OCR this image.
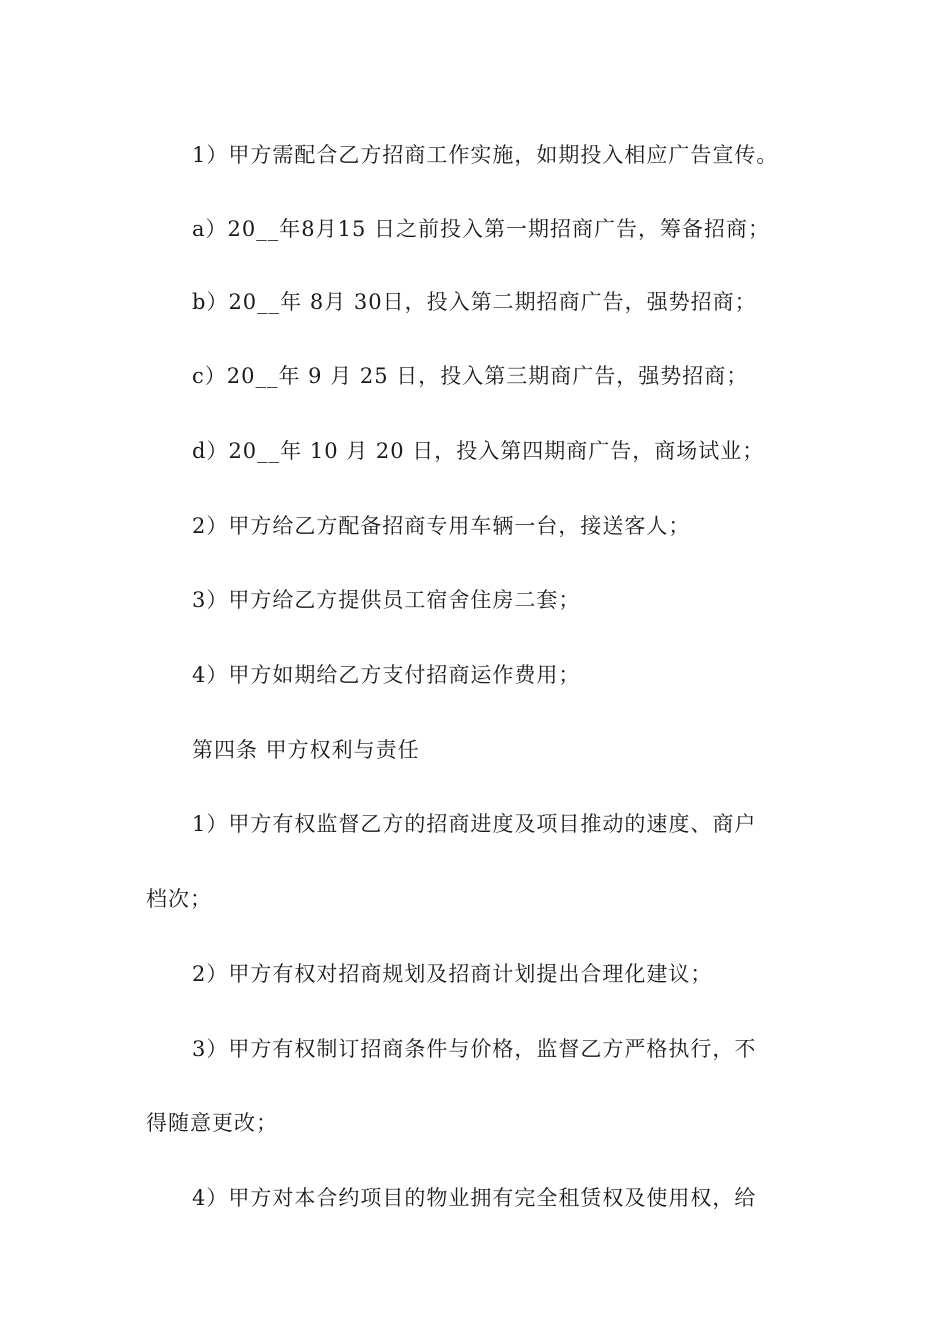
1）甲方需配合乙方招商工作实施，如期投入相应广告宣传。
a）20__年8月15 日之前投入第一期招商广告，筹备招商；
b）20__年 8月 30日，投入第二期招商广告，强势招商；
c）20__年 9 月 25 日，投入第三期商广告，强势招商；
d）20__年 10 月 20 日，投入第四期商广告，商场试业；
2）甲方给乙方配备招商专用车辆一台，接送客人；
3）甲方给乙方提供员工宿舍住房二套；
4）甲方如期给乙方支付招商运作费用；
第四条 甲方权利与责任
1）甲方有权监督乙方的招商进度及项目推动的速度、商户
档次；
2）甲方有权对招商规划及招商计划提出合理化建议；
3）甲方有权制订招商条件与价格，监督乙方严格执行，不
得随意更改；
4）甲方对本合约项目的物业拥有完全租赁权及使用权，给
